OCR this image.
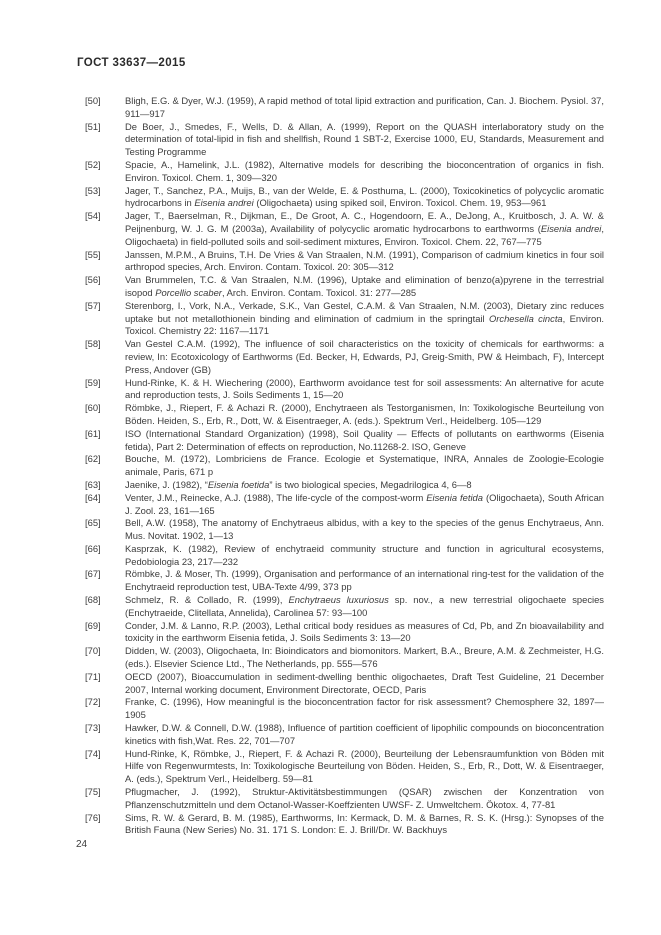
ГОСТ 33637—2015
[50]	Bligh, E.G. & Dyer, W.J. (1959), A rapid method of total lipid extraction and purification, Can. J. Biochem. Pysiol. 37, 911—917
[51]	De Boer, J., Smedes, F., Wells, D. & Allan, A. (1999), Report on the QUASH interlaboratory study on the determination of total-lipid in fish and shellfish, Round 1 SBT-2, Exercise 1000, EU, Standards, Measurement and Testing Programme
[52]	Spacie, A., Hamelink, J.L. (1982), Alternative models for describing the bioconcentration of organics in fish. Environ. Toxicol. Chem. 1, 309—320
[53]	Jager, T., Sanchez, P.A., Muijs, B., van der Welde, E. & Posthuma, L. (2000), Toxicokinetics of polycyclic aromatic hydrocarbons in Eisenia andrei (Oligochaeta) using spiked soil, Environ. Toxicol. Chem. 19, 953—961
[54]	Jager, T., Baerselman, R., Dijkman, E., De Groot, A. C., Hogendoorn, E. A., DeJong, A., Kruitbosch, J. A. W. & Peijnenburg, W. J. G. M (2003a), Availability of polycyclic aromatic hydrocarbons to earthworms (Eisenia andrei, Oligochaeta) in field-polluted soils and soil-sediment mixtures, Environ. Toxicol. Chem. 22, 767—775
[55]	Janssen, M.P.M., A Bruins, T.H. De Vries & Van Straalen, N.M. (1991), Comparison of cadmium kinetics in four soil arthropod species, Arch. Environ. Contam. Toxicol. 20: 305—312
[56]	Van Brummelen, T.C. & Van Straalen, N.M. (1996), Uptake and elimination of benzo(a)pyrene in the terrestrial isopod Porcellio scaber, Arch. Environ. Contam. Toxicol. 31: 277—285
[57]	Sterenborg, I., Vork, N.A., Verkade, S.K., Van Gestel, C.A.M. & Van Straalen, N.M. (2003), Dietary zinc reduces uptake but not metallothionein binding and elimination of cadmium in the springtail Orchesella cincta, Environ. Toxicol. Chemistry 22: 1167—1171
[58]	Van Gestel C.A.M. (1992), The influence of soil characteristics on the toxicity of chemicals for earthworms: a review, In: Ecotoxicology of Earthworms (Ed. Becker, H, Edwards, PJ, Greig-Smith, PW & Heimbach, F), Intercept Press, Andover (GB)
[59]	Hund-Rinke, K. & H. Wiechering (2000), Earthworm avoidance test for soil assessments: An alternative for acute and reproduction tests, J. Soils Sediments 1, 15—20
[60]	Römbke, J., Riepert, F. & Achazi R. (2000), Enchytraeen als Testorganismen, In: Toxikologische Beurteilung von Böden. Heiden, S., Erb, R., Dott, W. & Eisentraeger, A. (eds.). Spektrum Verl., Heidelberg. 105—129
[61]	ISO (International Standard Organization) (1998), Soil Quality — Effects of pollutants on earthworms (Eisenia fetida), Part 2: Determination of effects on reproduction, No.11268-2. ISO, Geneve
[62]	Bouche, M. (1972), Lombriciens de France. Ecologie et Systematique, INRA, Annales de Zoologie-Ecologie animale, Paris, 671 p
[63]	Jaenike, J. (1982), “Eisenia foetida” is two biological species, Megadrilogica 4, 6—8
[64]	Venter, J.M., Reinecke, A.J. (1988), The life-cycle of the compost-worm Eisenia fetida (Oligochaeta), South African J. Zool. 23, 161—165
[65]	Bell, A.W. (1958), The anatomy of Enchytraeus albidus, with a key to the species of the genus Enchytraeus, Ann. Mus. Novitat. 1902, 1—13
[66]	Kasprzak, K. (1982), Review of enchytraeid community structure and function in agricultural ecosystems, Pedobiologia 23, 217—232
[67]	Römbke, J. & Moser, Th. (1999), Organisation and performance of an international ring-test for the validation of the Enchytraeid reproduction test, UBA-Texte 4/99, 373 pp
[68]	Schmelz, R. & Collado, R. (1999), Enchytraeus luxuriosus sp. nov., a new terrestrial oligochaete species (Enchytraeide, Clitellata, Annelida), Carolinea 57: 93—100
[69]	Conder, J.M. & Lanno, R.P. (2003), Lethal critical body residues as measures of Cd, Pb, and Zn bioavailability and toxicity in the earthworm Eisenia fetida, J. Soils Sediments 3: 13—20
[70]	Didden, W. (2003), Oligochaeta, In: Bioindicators and biomonitors. Markert, B.A., Breure, A.M. & Zechmeister, H.G. (eds.). Elsevier Science Ltd., The Netherlands, pp. 555—576
[71]	OECD (2007), Bioaccumulation in sediment-dwelling benthic oligochaetes, Draft Test Guideline, 21 December 2007, Internal working document, Environment Directorate, OECD, Paris
[72]	Franke, C. (1996), How meaningful is the bioconcentration factor for risk assessment? Chemosphere 32, 1897—1905
[73]	Hawker, D.W. & Connell, D.W. (1988), Influence of partition coefficient of lipophilic compounds on bioconcentration kinetics with fish,Wat. Res. 22, 701—707
[74]	Hund-Rinke, K, Römbke, J., Riepert, F. & Achazi R. (2000), Beurteilung der Lebensraumfunktion von Böden mit Hilfe von Regenwurmtests, In: Toxikologische Beurteilung von Böden. Heiden, S., Erb, R., Dott, W. & Eisentraeger, A. (eds.), Spektrum Verl., Heidelberg. 59—81
[75]	Pflugmacher, J. (1992), Struktur-Aktivitätsbestimmungen (QSAR) zwischen der Konzentration von Pflanzenschutzmitteln und dem Octanol-Wasser-Koeffzienten UWSF- Z. Umweltchem. Ökotox. 4, 77-81
[76]	Sims, R. W. & Gerard, B. M. (1985), Earthworms, In: Kermack, D. M. & Barnes, R. S. K. (Hrsg.): Synopses of the British Fauna (New Series) No. 31. 171 S. London: E. J. Brill/Dr. W. Backhuys
24
